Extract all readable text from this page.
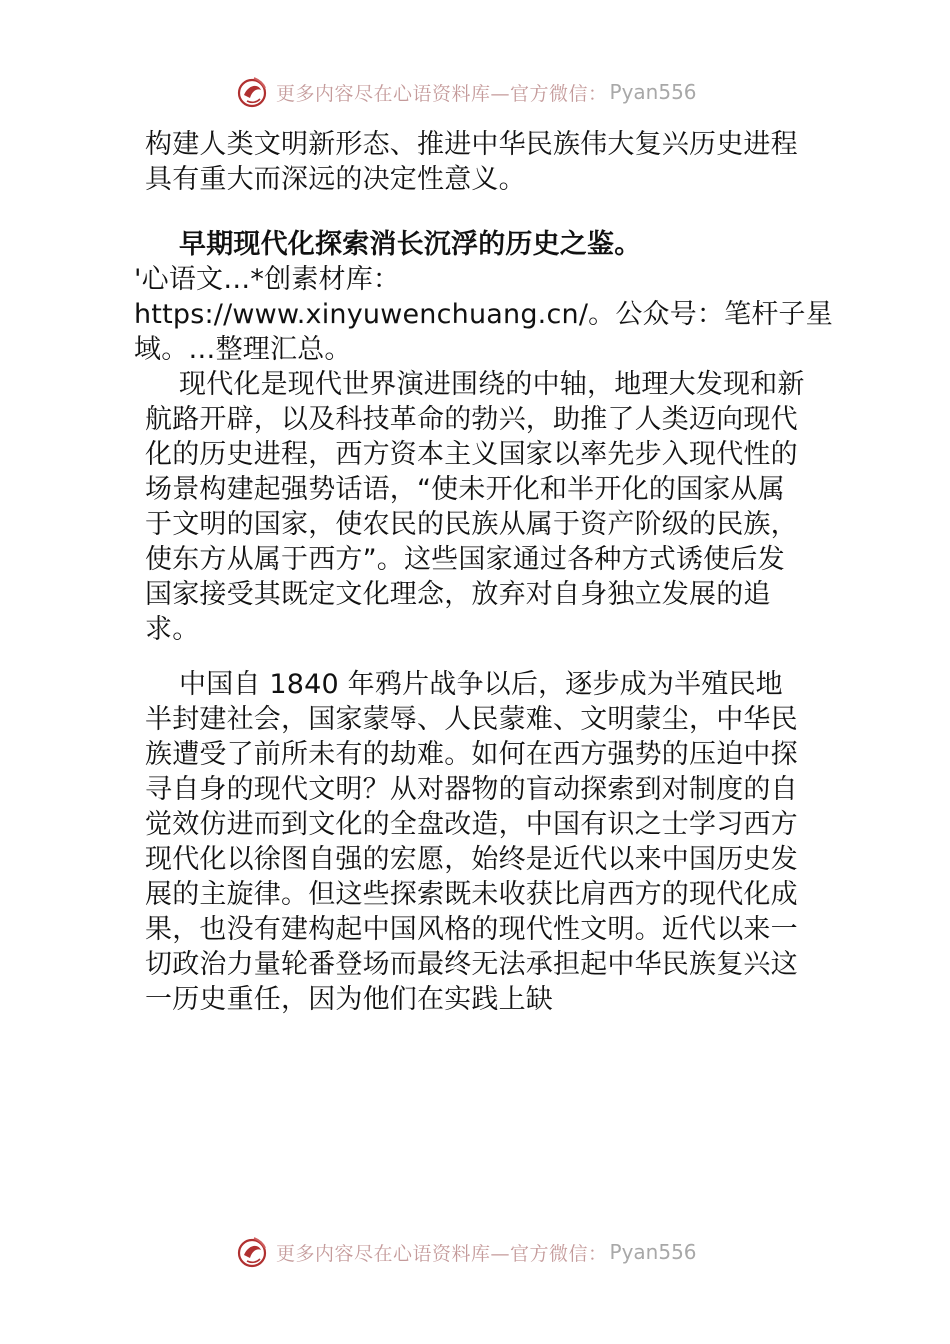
更多内容尽在心语资料库—官方微信： Pyan556

构建人类文明新形态、推进中华民族伟大复兴历史进程具有重大而深远的决定性意义。

早期现代化探索消长沉浮的历史之鉴。

'心语文…*创素材库：https://www.xinyuwenchuang.cn/。公众号：笔杆子星域。…整理汇总。

现代化是现代世界演进围绕的中轴，地理大发现和新航路开辟，以及科技革命的勃兴，助推了人类迈向现代化的历史进程，西方资本主义国家以率先步入现代性的场景构建起强势话语，“使未开化和半开化的国家从属于文明的国家，使农民的民族从属于资产阶级的民族，使东方从属于西方”。这些国家通过各种方式诱使后发国家接受其既定文化理念，放弃对自身独立发展的追求。

中国自 1840 年鸦片战争以后，逐步成为半殖民地半封建社会，国家蒙辱、人民蒙难、文明蒙尘，中华民族遭受了前所未有的劫难。如何在西方强势的压迫中探寻自身的现代文明？从对器物的盲动探索到对制度的自觉效仿进而到文化的全盘改造，中国有识之士学习西方现代化以徐图自强的宏愿，始终是近代以来中国历史发展的主旋律。但这些探索既未收获比肩西方的现代化成果，也没有建构起中国风格的现代性文明。近代以来一切政治力量轮番登场而最终无法承担起中华民族复兴这一历史重任，因为他们在实践上缺

更多内容尽在心语资料库—官方微信： Pyan556
